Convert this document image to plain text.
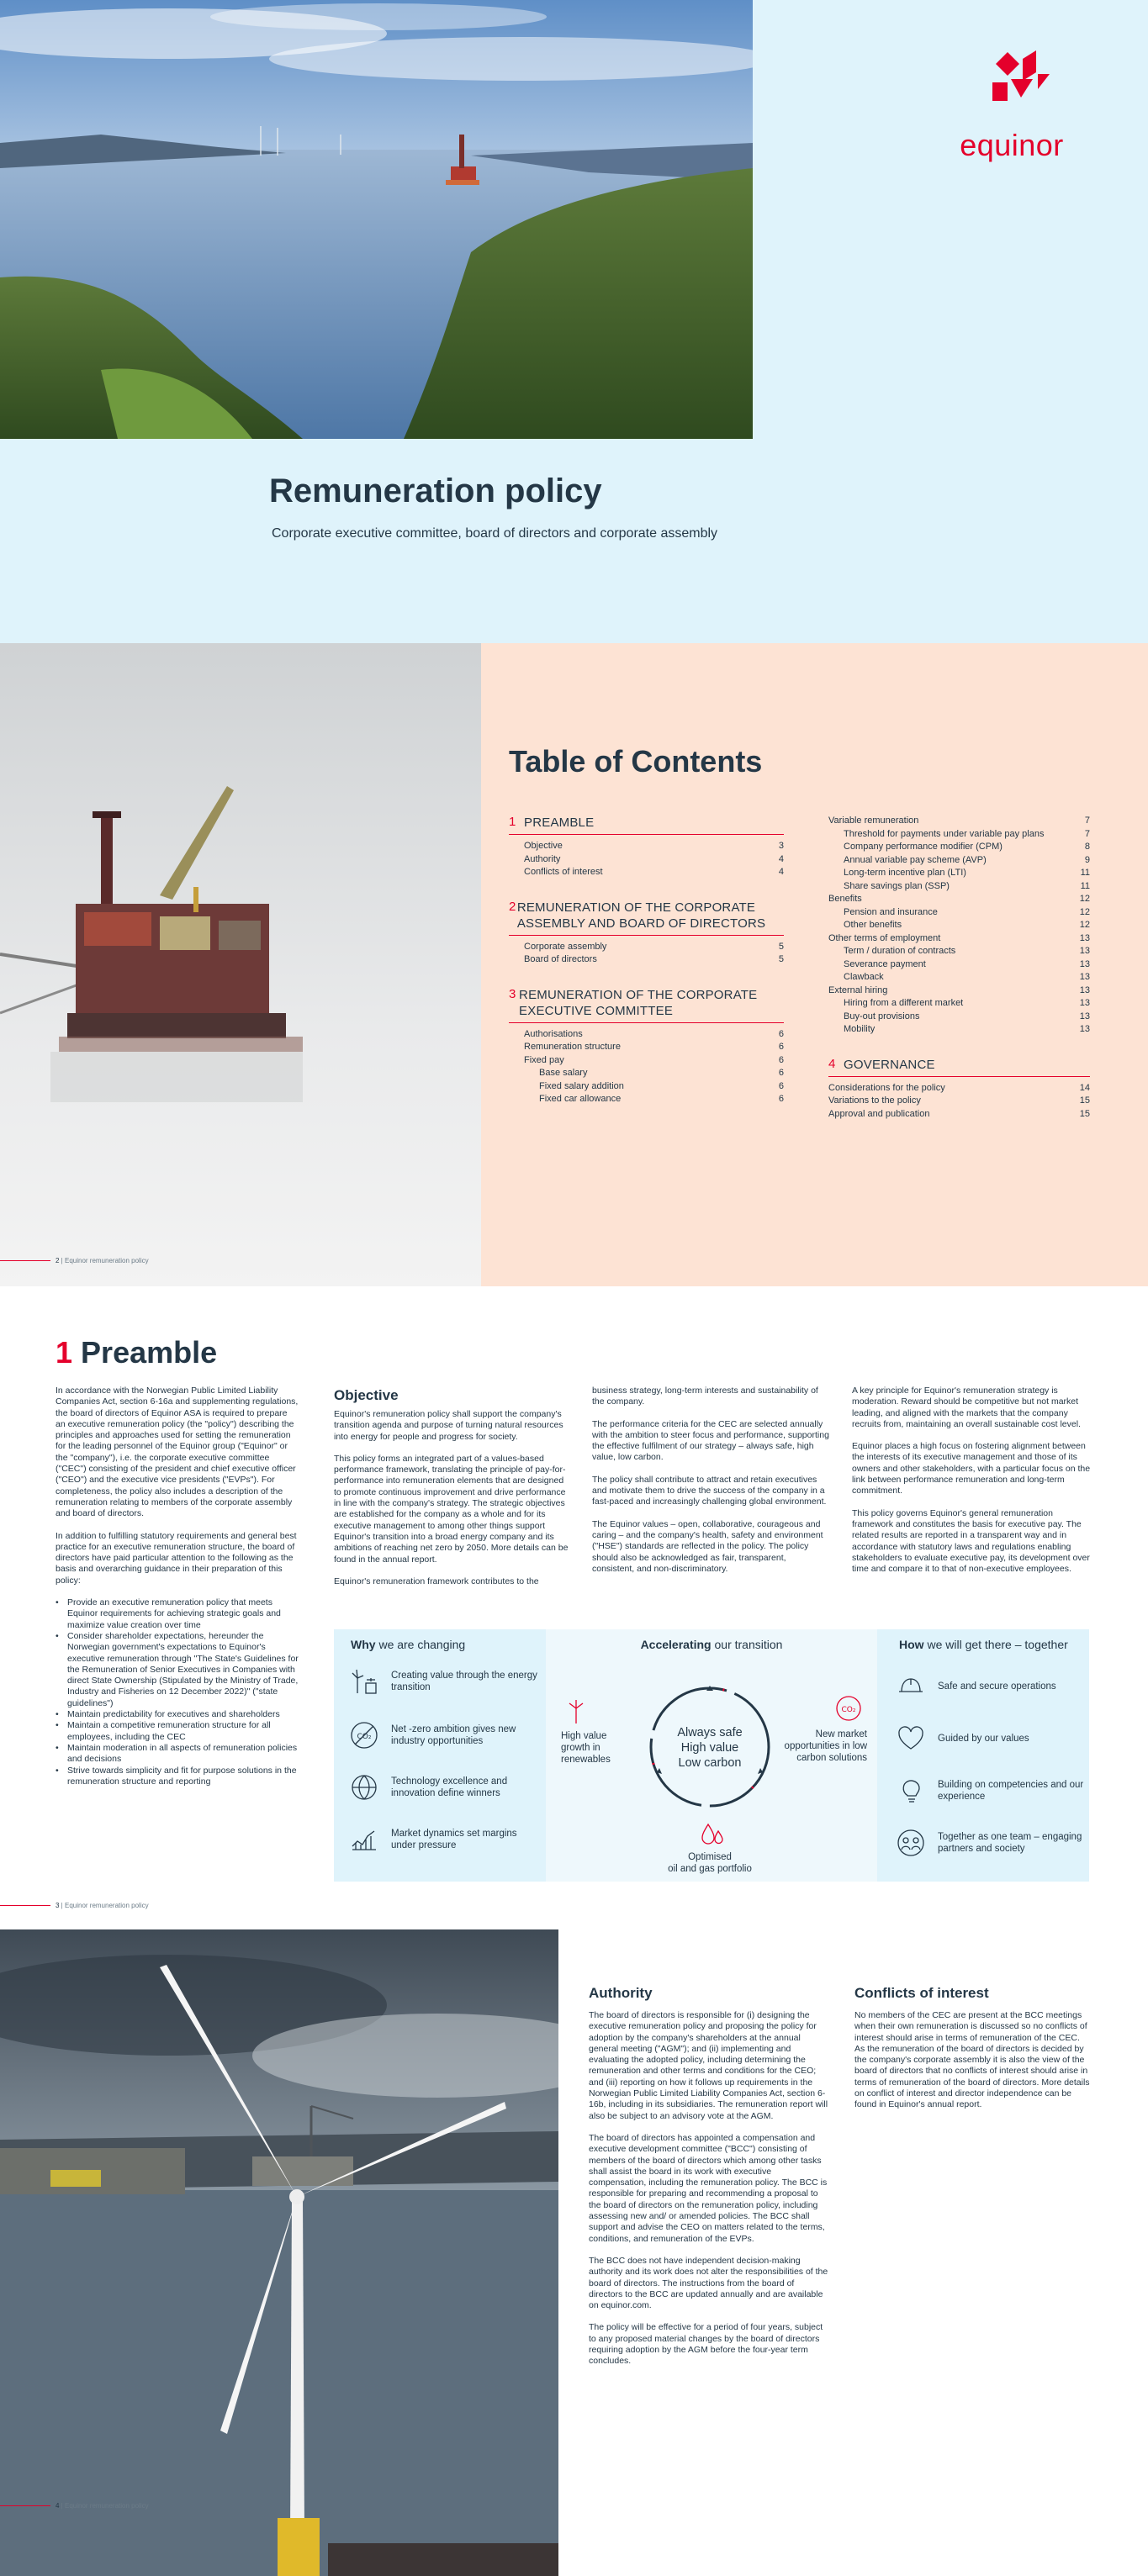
equinor
Remuneration policy
Corporate executive committee, board of directors and corporate assembly
2 | Equinor remuneration policy
Table of Contents
1 PREAMBLE
Objective	3
Authority	4
Conflicts of interest	4
2 REMUNERATION OF THE CORPORATE ASSEMBLY AND BOARD OF DIRECTORS
Corporate assembly	5
Board of directors	5
3 REMUNERATION OF THE CORPORATE EXECUTIVE COMMITTEE
Authorisations	6
Remuneration structure	6
Fixed pay	6
Base salary	6
Fixed salary addition	6
Fixed car allowance	6
Variable remuneration	7
Threshold for payments under variable pay plans	7
Company performance modifier (CPM)	8
Annual variable pay scheme (AVP)	9
Long-term incentive plan (LTI)	11
Share savings plan (SSP)	11
Benefits	12
Pension and insurance	12
Other benefits	12
Other terms of employment	13
Term / duration of contracts	13
Severance payment	13
Clawback	13
External hiring	13
Hiring from a different market	13
Buy-out provisions	13
Mobility	13
4 GOVERNANCE
Considerations for the policy	14
Variations to the policy	15
Approval and publication	15
1 Preamble

In accordance with the Norwegian Public Limited Liability Companies Act, section 6-16a and supplementing regulations, the board of directors of Equinor ASA is required to prepare an executive remuneration policy (the "policy") describing the principles and approaches used for setting the remuneration for the leading personnel of the Equinor group ("Equinor" or the "company"), i.e. the corporate executive committee ("CEC") consisting of the president and chief executive officer ("CEO") and the executive vice presidents ("EVPs"). For completeness, the policy also includes a description of the remuneration relating to members of the corporate assembly and board of directors.

In addition to fulfilling statutory requirements and general best practice for an executive remuneration structure, the board of directors have paid particular attention to the following as the basis and overarching guidance in their preparation of this policy:

• Provide an executive remuneration policy that meets Equinor requirements for achieving strategic goals and maximize value creation over time
• Consider shareholder expectations, hereunder the Norwegian government's expectations to Equinor's executive remuneration through "The State's Guidelines for the Remuneration of Senior Executives in Companies with direct State Ownership (Stipulated by the Ministry of Trade, Industry and Fisheries on 12 December 2022)" ("state guidelines")
• Maintain predictability for executives and shareholders
• Maintain a competitive remuneration structure for all employees, including the CEC
• Maintain moderation in all aspects of remuneration policies and decisions
• Strive towards simplicity and fit for purpose solutions in the remuneration structure and reporting
Objective

Equinor's remuneration policy shall support the company's transition agenda and purpose of turning natural resources into energy for people and progress for society.

This policy forms an integrated part of a values-based performance framework, translating the principle of pay-for-performance into remuneration elements that are designed to promote continuous improvement and drive performance in line with the company's strategy. The strategic objectives are established for the company as a whole and for its executive management to among other things support Equinor's transition into a broad energy company and its ambitions of reaching net zero by 2050. More details can be found in the annual report.

Equinor's remuneration framework contributes to the

business strategy, long-term interests and sustainability of the company.

The performance criteria for the CEC are selected annually with the ambition to steer focus and performance, supporting the effective fulfilment of our strategy – always safe, high value, low carbon.

The policy shall contribute to attract and retain executives and motivate them to drive the success of the company in a fast-paced and increasingly challenging global environment.

The Equinor values – open, collaborative, courageous and caring – and the company's health, safety and environment ("HSE") standards are reflected in the policy. The policy should also be acknowledged as fair, transparent, consistent, and non-discriminatory.

A key principle for Equinor's remuneration strategy is moderation. Reward should be competitive but not market leading, and aligned with the markets that the company recruits from, maintaining an overall sustainable cost level.

Equinor places a high focus on fostering alignment between the interests of its executive management and those of its owners and other stakeholders, with a particular focus on the link between performance remuneration and long-term commitment.

This policy governs Equinor's general remuneration framework and constitutes the basis for executive pay. The related results are reported in a transparent way and in accordance with statutory laws and regulations enabling stakeholders to evaluate executive pay, its development over time and compare it to that of non-executive employees.

Why we are changing
Creating value through the energy transition
CO₂
Net -zero ambition gives new industry opportunities
Technology excellence and innovation define winners
Market dynamics set margins under pressure
Accelerating our transition
Always safe
High value
Low carbon
High value growth in renewables
CO₂
New market opportunities in low carbon solutions
Optimised
oil and gas portfolio
How we will get there – together
Safe and secure operations
Guided by our values
Building on competencies and our experience
Together as one team – engaging partners and society
3 | Equinor remuneration policy
4 | Equinor remuneration policy
Authority

The board of directors is responsible for (i) designing the executive remuneration policy and proposing the policy for adoption by the company's shareholders at the annual general meeting ("AGM"); and (ii) implementing and evaluating the adopted policy, including determining the remuneration and other terms and conditions for the CEO; and (iii) reporting on how it follows up requirements in the Norwegian Public Limited Liability Companies Act, section 6-16b, including in its subsidiaries. The remuneration report will also be subject to an advisory vote at the AGM.

The board of directors has appointed a compensation and executive development committee ("BCC") consisting of members of the board of directors which among other tasks shall assist the board in its work with executive compensation, including the remuneration policy. The BCC is responsible for preparing and recommending a proposal to the board of directors on the remuneration policy, including assessing new and/ or amended policies. The BCC shall support and advise the CEO on matters related to the terms, conditions, and remuneration of the EVPs.

The BCC does not have independent decision-making authority and its work does not alter the responsibilities of the board of directors. The instructions from the board of directors to the BCC are updated annually and are available on equinor.com.

The policy will be effective for a period of four years, subject to any proposed material changes by the board of directors requiring adoption by the AGM before the four-year term concludes.

Conflicts of interest

No members of the CEC are present at the BCC meetings when their own remuneration is discussed so no conflicts of interest should arise in terms of remuneration of the CEC. As the remuneration of the board of directors is decided by the company's corporate assembly it is also the view of the board of directors that no conflicts of interest should arise in terms of remuneration of the board of directors. More details on conflict of interest and director independence can be found in Equinor's annual report.
